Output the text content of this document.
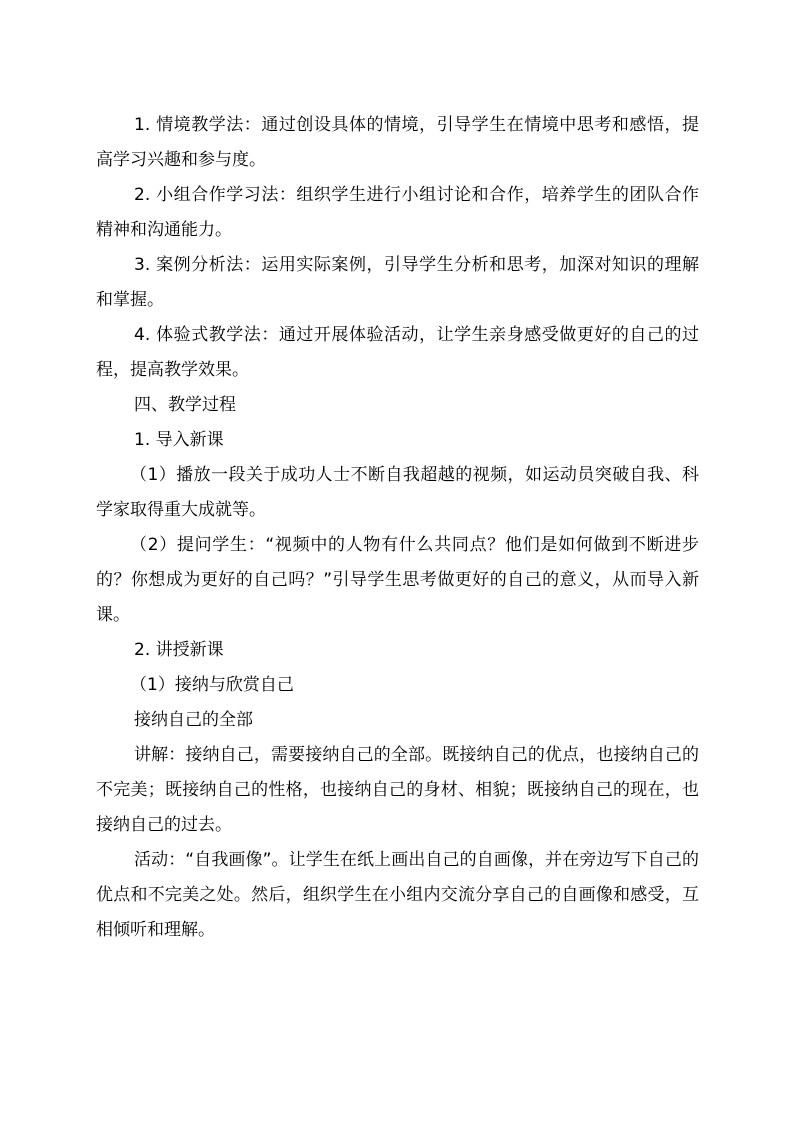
1. 情境教学法：通过创设具体的情境，引导学生在情境中思考和感悟，提高学习兴趣和参与度。

2. 小组合作学习法：组织学生进行小组讨论和合作，培养学生的团队合作精神和沟通能力。

3. 案例分析法：运用实际案例，引导学生分析和思考，加深对知识的理解和掌握。

4. 体验式教学法：通过开展体验活动，让学生亲身感受做更好的自己的过程，提高教学效果。

四、教学过程

1. 导入新课

（1）播放一段关于成功人士不断自我超越的视频，如运动员突破自我、科学家取得重大成就等。

（2）提问学生：“视频中的人物有什么共同点？他们是如何做到不断进步的？你想成为更好的自己吗？”引导学生思考做更好的自己的意义，从而导入新课。

2. 讲授新课

（1）接纳与欣赏自己

接纳自己的全部

讲解：接纳自己，需要接纳自己的全部。既接纳自己的优点，也接纳自己的不完美；既接纳自己的性格，也接纳自己的身材、相貌；既接纳自己的现在，也接纳自己的过去。

活动：“自我画像”。让学生在纸上画出自己的自画像，并在旁边写下自己的优点和不完美之处。然后，组织学生在小组内交流分享自己的自画像和感受，互相倾听和理解。
